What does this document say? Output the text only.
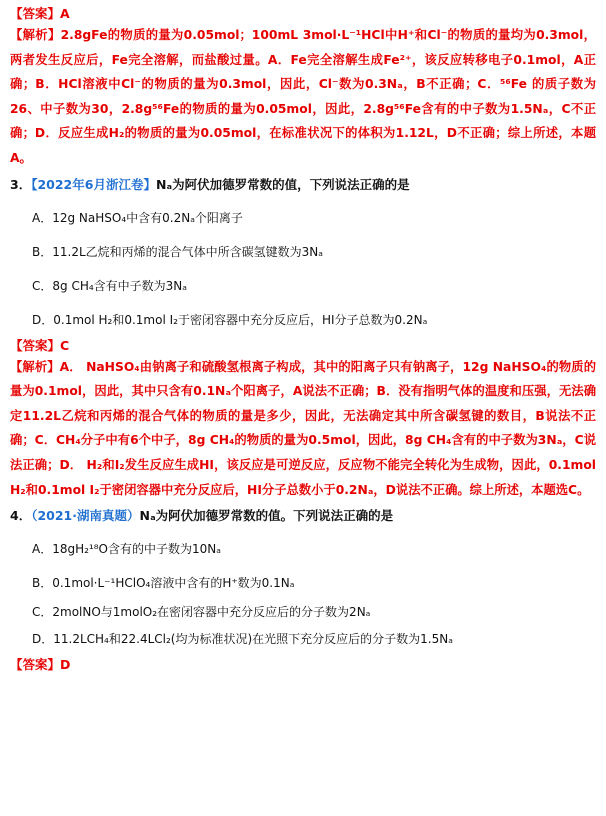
【答案】A
【解析】2.8gFe的物质的量为0.05mol；100mL 3mol·L⁻¹HCl中H⁺和Cl⁻的物质的量均为0.3mol，两者发生反应后，Fe完全溶解，而盐酸过量。A．Fe完全溶解生成Fe²⁺，该反应转移电子0.1mol，A正确；B．HCl溶液中Cl⁻的物质的量为0.3mol，因此，Cl⁻数为0.3Nₐ，B不正确；C．⁵⁶Fe 的质子数为26、中子数为30，2.8g⁵⁶Fe的物质的量为0.05mol，因此，2.8g⁵⁶Fe含有的中子数为1.5Nₐ，C不正确；D．反应生成H₂的物质的量为0.05mol，在标准状况下的体积为1.12L，D不正确；综上所述，本题A。
3．【2022年6月浙江卷】Nₐ为阿伏加德罗常数的值，下列说法正确的是
A．12g NaHSO₄中含有0.2Nₐ个阳离子
B．11.2L乙烷和丙烯的混合气体中所含碳氢键数为3Nₐ
C．8g CH₄含有中子数为3Nₐ
D．0.1mol H₂和0.1mol I₂于密闭容器中充分反应后，HI分子总数为0.2Nₐ
【答案】C
【解析】A． NaHSO₄由钠离子和硫酸氢根离子构成，其中的阳离子只有钠离子，12g NaHSO₄的物质的量为0.1mol，因此，其中只含有0.1Nₐ个阳离子，A说法不正确；B．没有指明气体的温度和压强，无法确定11.2L乙烷和丙烯的混合气体的物质的量是多少，因此，无法确定其中所含碳氢键的数目，B说法不正确；C．CH₄分子中有6个中子，8g CH₄的物质的量为0.5mol，因此，8g CH₄含有的中子数为3Nₐ，C说法正确；D． H₂和I₂发生反应生成HI，该反应是可逆反应，反应物不能完全转化为生成物，因此，0.1mol H₂和0.1mol I₂于密闭容器中充分反应后，HI分子总数小于0.2Nₐ，D说法不正确。综上所述，本题选C。
4．（2021·湖南真题）Nₐ为阿伏加德罗常数的值。下列说法正确的是
A．18gH₂¹⁸O含有的中子数为10Nₐ
B．0.1mol·L⁻¹HClO₄溶液中含有的H⁺数为0.1Nₐ
C．2molNO与1molO₂在密闭容器中充分反应后的分子数为2Nₐ
D．11.2LCH₄和22.4LCl₂(均为标准状况)在光照下充分反应后的分子数为1.5Nₐ
【答案】D
